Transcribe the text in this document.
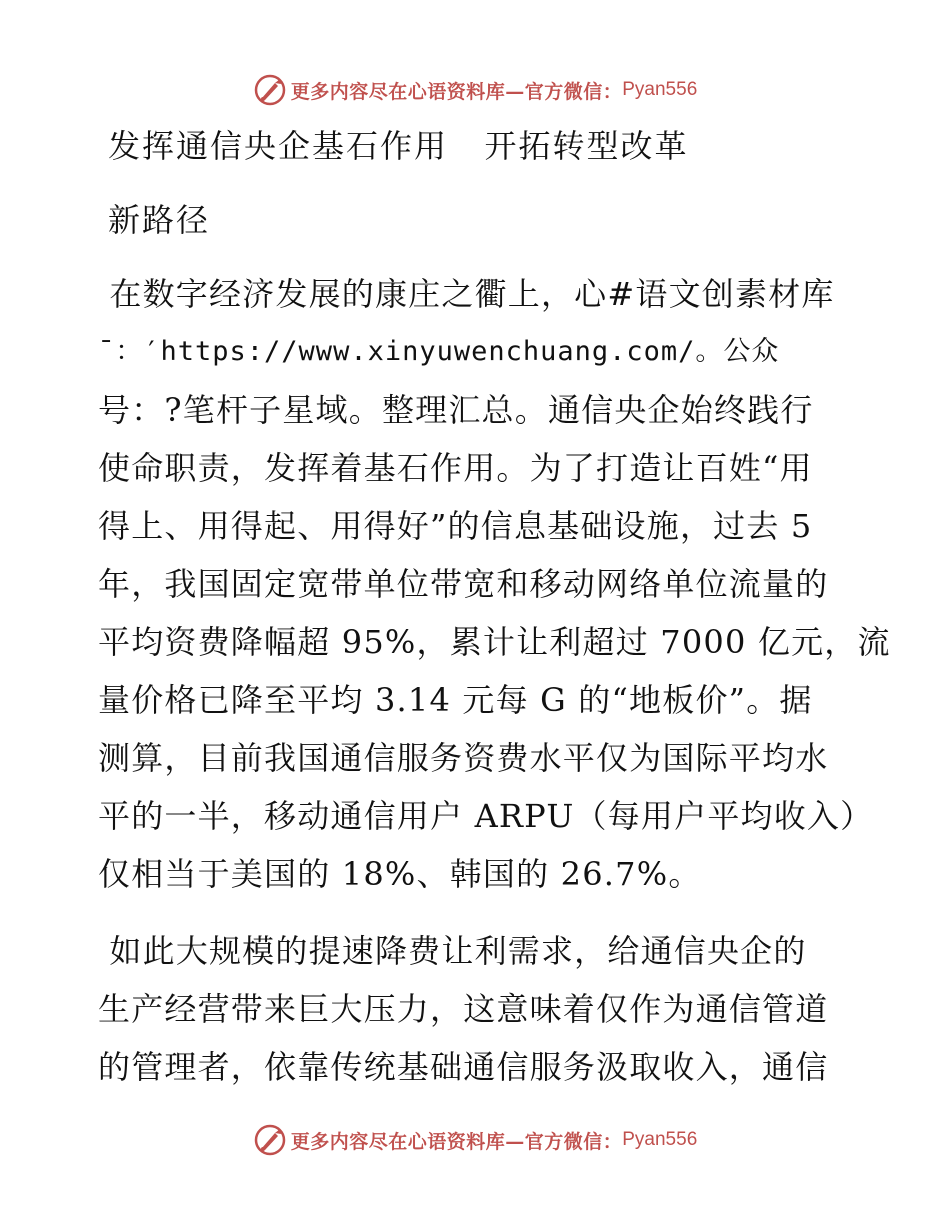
更多内容尽在心语资料库—官方微信： Pyan556
发挥通信央企基石作用   开拓转型改革
新路径
在数字经济发展的康庄之衢上，心#语文创素材库
¯：′https://www.xinyuwenchuang.com/。公众
号：?笔杆子星域。整理汇总。通信央企始终践行
使命职责，发挥着基石作用。为了打造让百姓“用
得上、用得起、用得好”的信息基础设施，过去 5
年，我国固定宽带单位带宽和移动网络单位流量的
平均资费降幅超 95%，累计让利超过 7000 亿元，流
量价格已降至平均 3.14 元每 G 的“地板价”。据
测算，目前我国通信服务资费水平仅为国际平均水
平的一半，移动通信用户 ARPU（每用户平均收入）
仅相当于美国的 18%、韩国的 26.7%。
如此大规模的提速降费让利需求，给通信央企的
生产经营带来巨大压力，这意味着仅作为通信管道
的管理者，依靠传统基础通信服务汲取收入，通信
更多内容尽在心语资料库—官方微信： Pyan556
